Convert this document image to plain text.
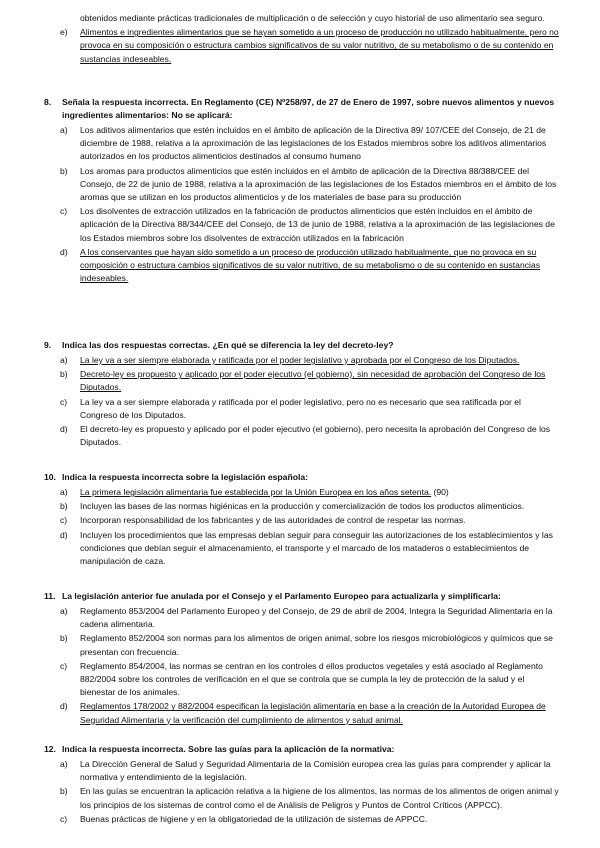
obtenidos mediante prácticas tradicionales de multiplicación o de selección y cuyo historial de uso alimentario sea seguro.
e) Alimentos e ingredientes alimentarios que se hayan sometido a un proceso de producción no utilizado habitualmente, pero no provoca en su composición o estructura cambios significativos de su valor nutritivo, de su metabolismo o de su contenido en sustancias indeseables.
8. Señala la respuesta incorrecta. En Reglamento (CE) Nº258/97, de 27 de Enero de 1997, sobre nuevos alimentos y nuevos ingredientes alimentarios: No se aplicará:
a) Los aditivos alimentarios que estén incluidos en el ámbito de aplicación de la Directiva 89/ 107/CEE del Consejo, de 21 de diciembre de 1988, relativa a la aproximación de las legislaciones de los Estados miembros sobre los aditivos alimentarios autorizados en los productos alimenticios destinados al consumo humano
b) Los aromas para productos alimenticios que estén incluidos en el ámbito de aplicación de la Directiva 88/388/CEE del Consejo, de 22 de junio de 1988, relativa a la aproximación de las legislaciones de los Estados miembros en el ámbito de los aromas que se utilizan en los productos alimenticios y de los materiales de base para su producción
c) Los disolventes de extracción utilizados en la fabricación de productos alimenticios que estén incluidos en el ámbito de aplicación de la Directiva 88/344/CEE del Consejo, de 13 de junio de 1988, relativa a la aproximación de las legislaciones de los Estados miembros sobre los disolventes de extracción utilizados en la fabricación
d) A los conservantes que hayan sido sometido a un proceso de producción utilizado habitualmente, que no provoca en su composición o estructura cambios significativos de su valor nutritivo, de su metabolismo o de su contenido en sustancias indeseables.
9. Indica las dos respuestas correctas. ¿En qué se diferencia la ley del decreto-ley?
a) La ley va a ser siempre elaborada y ratificada por el poder legislativo y aprobada por el Congreso de los Diputados.
b) Decreto-ley es propuesto y aplicado por el poder ejecutivo (el gobierno), sin necesidad de aprobación del Congreso de los Diputados.
c) La ley va a ser siempre elaborada y ratificada por el poder legislativo, pero no es necesario que sea ratificada por el Congreso de los Diputados.
d) El decreto-ley es propuesto y aplicado por el poder ejecutivo (el gobierno), pero necesita la aprobación del Congreso de los Diputados.
10. Indica la respuesta incorrecta sobre la legislación española:
a) La primera legislación alimentaria fue establecida por la Unión Europea en los años setenta. (90)
b) Incluyen las bases de las normas higiénicas en la producción y comercialización de todos los productos alimenticios.
c) Incorporan responsabilidad de los fabricantes y de las autoridades de control de respetar las normas.
d) Incluyen los procedimientos que las empresas debían seguir para conseguir las autorizaciones de los establecimientos y las condiciones que debían seguir el almacenamiento, el transporte y el marcado de los mataderos o establecimientos de manipulación de caza.
11. La legislación anterior fue anulada por el Consejo y el Parlamento Europeo para actualizarla y simplificarla:
a) Reglamento 853/2004 del Parlamento Europeo y del Consejo, de 29 de abril de 2004, Integra la Seguridad Alimentaria en la cadena alimentaria.
b) Reglamento 852/2004 son normas para los alimentos de origen animal, sobre los riesgos microbiológicos y químicos que se presentan con frecuencia.
c) Reglamento 854/2004, las normas se centran en los controles d ellos productos vegetales y está asociado al Reglamento 882/2004 sobre los controles de verificación en el que se controla que se cumpla la ley de protección de la salud y el bienestar de los animales.
d) Reglamentos 178/2002 y 882/2004 especifican la legislación alimentaria en base a la creación de la Autoridad Europea de Seguridad Alimentaria y la verificación del cumplimiento de alimentos y salud animal.
12. Indica la respuesta incorrecta. Sobre las guías para la aplicación de la normativa:
a) La Dirección General de Salud y Seguridad Alimentaria de la Comisión europea crea las guías para comprender y aplicar la normativa y entendimiento de la legislación.
b) En las guías se encuentran la aplicación relativa a la higiene de los alimentos, las normas de los alimentos de origen animal y los principios de los sistemas de control como el de Análisis de Peligros y Puntos de Control Críticos (APPCC).
c) Buenas prácticas de higiene y en la obligatoriedad de la utilización de sistemas de APPCC.
